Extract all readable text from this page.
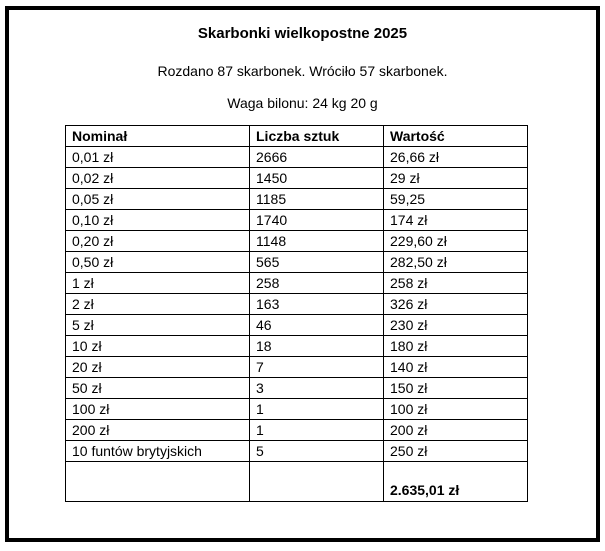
Skarbonki wielkopostne 2025
Rozdano 87 skarbonek. Wróciło 57 skarbonek.
Waga bilonu: 24 kg 20 g
Nominał	Liczba sztuk	Wartość
0,01 zł	2666	26,66 zł
0,02 zł	1450	29 zł
0,05 zł	1185	59,25
0,10 zł	1740	174 zł
0,20 zł	1148	229,60 zł
0,50 zł	565	282,50 zł
1 zł	258	258 zł
2 zł	163	326 zł
5 zł	46	230 zł
10 zł	18	180 zł
20 zł	7	140 zł
50 zł	3	150 zł
100 zł	1	100 zł
200 zł	1	200 zł
10 funtów brytyjskich	5	250 zł
		2.635,01 zł
